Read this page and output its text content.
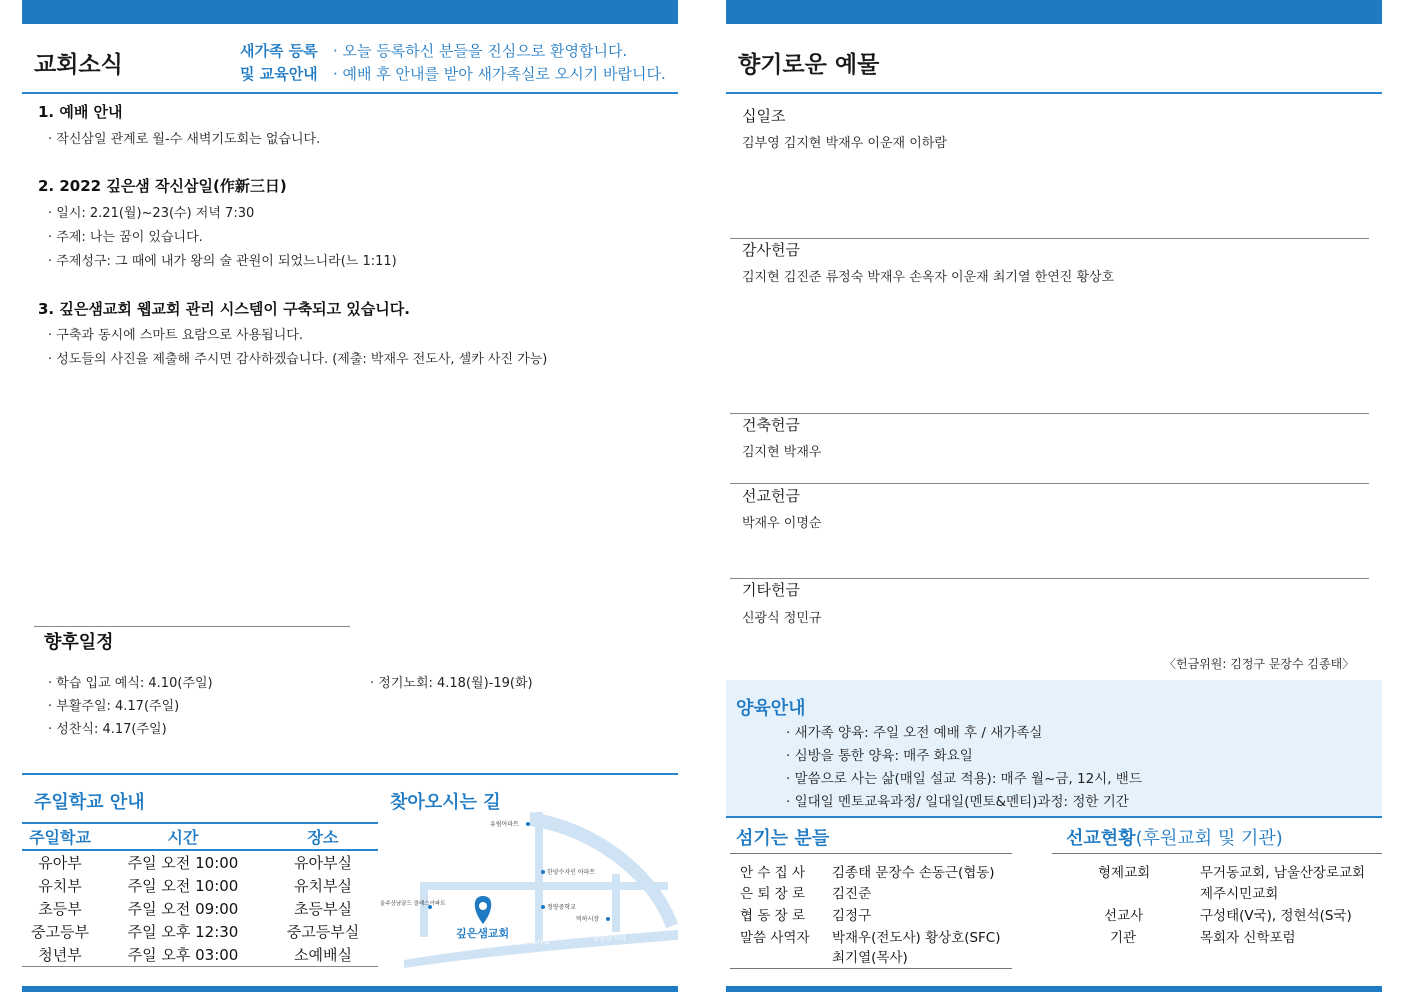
교회소식
새가족 등록
및 교육안내
· 오늘 등록하신 분들을 진심으로 환영합니다.
· 예배 후 안내를 받아 새가족실로 오시기 바랍니다.
1. 예배 안내
· 작신삼일 관계로 월-수 새벽기도회는 없습니다.
2. 2022 깊은샘 작신삼일(作新三日)
· 일시: 2.21(월)~23(수) 저녁 7:30
· 주제: 나는 꿈이 있습니다.
· 주제성구: 그 때에 내가 왕의 술 관원이 되었느니라(느 1:11)
3. 깊은샘교회 웹교회 관리 시스템이 구축되고 있습니다.
· 구축과 동시에 스마트 요람으로 사용됩니다.
· 성도들의 사진을 제출해 주시면 감사하겠습니다. (제출: 박재우 전도사, 셀카 사진 가능)
향후일정
· 학습 입교 예식: 4.10(주일)
· 부활주일: 4.17(주일)
· 성찬식: 4.17(주일)
· 정기노회: 4.18(월)-19(화)
주일학교 안내
주일학교	시간	장소
유아부	주일 오전 10:00	유아부실
유치부	주일 오전 10:00	유치부실
초등부	주일 오전 09:00	초등부실
중고등부	주일 오후 12:30	중고등부실
청년부	주일 오후 03:00	소예배실
찾아오시는 길
깊은샘교회
유림아파트
한양수자인 아파트
청량중학교
먹하시장
울주상남골드 클래스아파트
읍천교차로	청량삼거리
향기로운 예물
십일조
김부영 김지현 박재우 이운재 이하람
감사헌금
김지현 김진준 류정숙 박재우 손옥자 이운재 최기열 한연진 황상호
건축헌금
김지현 박재우
선교헌금
박재우 이명순
기타헌금
신광식 정민규
〈헌금위원: 김정구 문장수 김종태〉
양육안내
· 새가족 양육: 주일 오전 예배 후 / 새가족실
· 심방을 통한 양육: 매주 화요일
· 말씀으로 사는 삶(매일 설교 적용): 매주 월~금, 12시, 밴드
· 일대일 멘토교육과정/ 일대일(멘토&멘티)과정: 정한 기간
섬기는 분들
안 수 집 사 김종태 문장수 손동근(협동)
은 퇴 장 로 김진준
협 동 장 로 김정구
말씀 사역자 박재우(전도사) 황상호(SFC)
최기열(목사)
선교현황(후원교회 및 기관)
형제교회	무거동교회, 남울산장로교회
제주시민교회
선교사	구성태(V국), 정현석(S국)
기관	목회자 신학포럼
